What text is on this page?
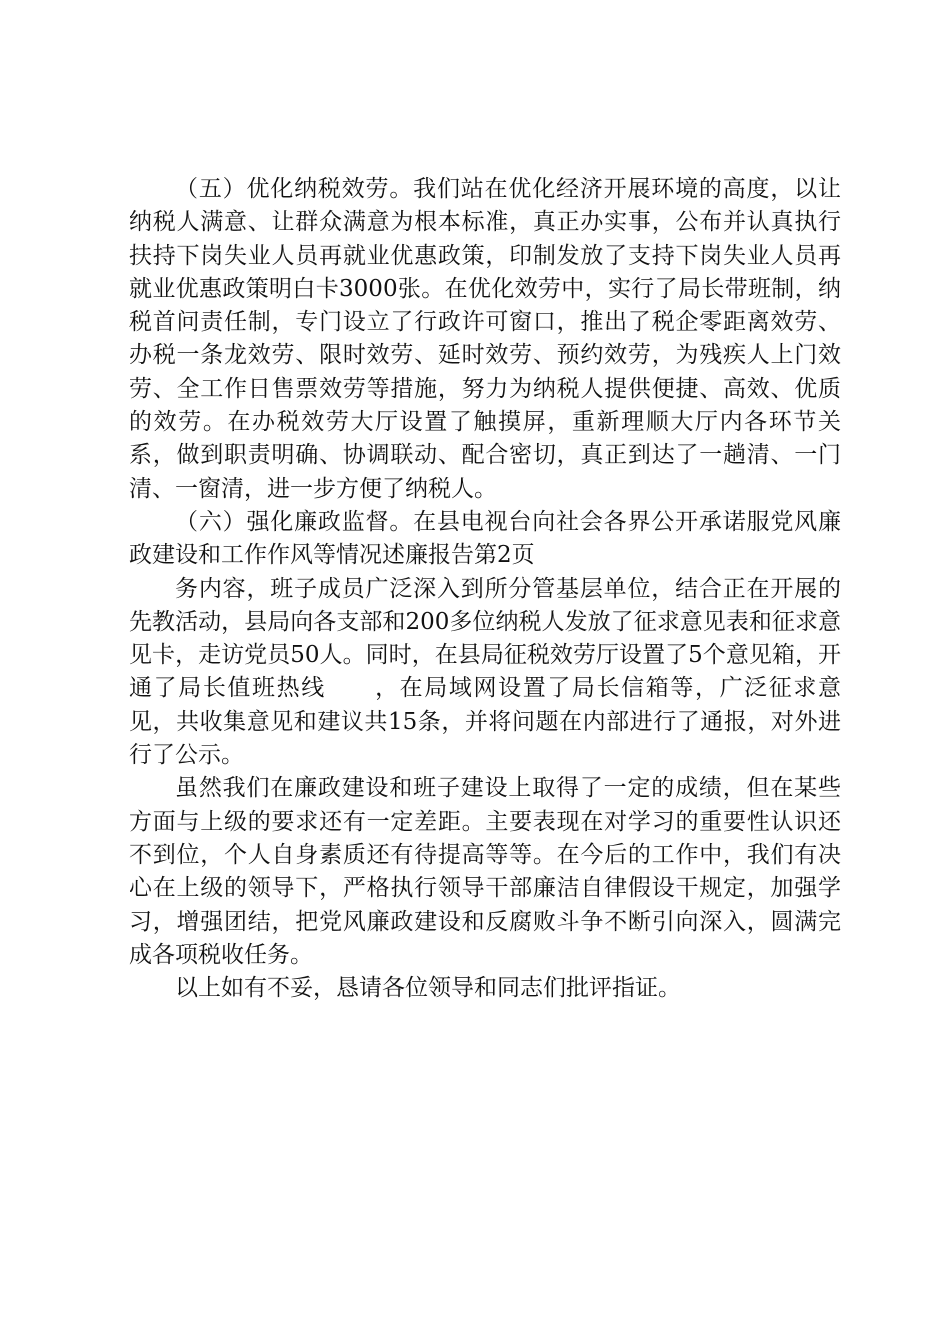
（五）优化纳税效劳。我们站在优化经济开展环境的高度，以让纳税人满意、让群众满意为根本标准，真正办实事，公布并认真执行扶持下岗失业人员再就业优惠政策，印制发放了支持下岗失业人员再就业优惠政策明白卡3000张。在优化效劳中，实行了局长带班制，纳税首问责任制，专门设立了行政许可窗口，推出了税企零距离效劳、办税一条龙效劳、限时效劳、延时效劳、预约效劳，为残疾人上门效劳、全工作日售票效劳等措施，努力为纳税人提供便捷、高效、优质的效劳。在办税效劳大厅设置了触摸屏，重新理顺大厅内各环节关系，做到职责明确、协调联动、配合密切，真正到达了一趟清、一门清、一窗清，进一步方便了纳税人。

（六）强化廉政监督。在县电视台向社会各界公开承诺服党风廉政建设和工作作风等情况述廉报告第2页

务内容，班子成员广泛深入到所分管基层单位，结合正在开展的先教活动，县局向各支部和200多位纳税人发放了征求意见表和征求意见卡，走访党员50人。同时，在县局征税效劳厅设置了5个意见箱，开通了局长值班热线　　，在局域网设置了局长信箱等，广泛征求意见，共收集意见和建议共15条，并将问题在内部进行了通报，对外进行了公示。

虽然我们在廉政建设和班子建设上取得了一定的成绩，但在某些方面与上级的要求还有一定差距。主要表现在对学习的重要性认识还不到位，个人自身素质还有待提高等等。在今后的工作中，我们有决心在上级的领导下，严格执行领导干部廉洁自律假设干规定，加强学习，增强团结，把党风廉政建设和反腐败斗争不断引向深入，圆满完成各项税收任务。

以上如有不妥，恳请各位领导和同志们批评指证。
